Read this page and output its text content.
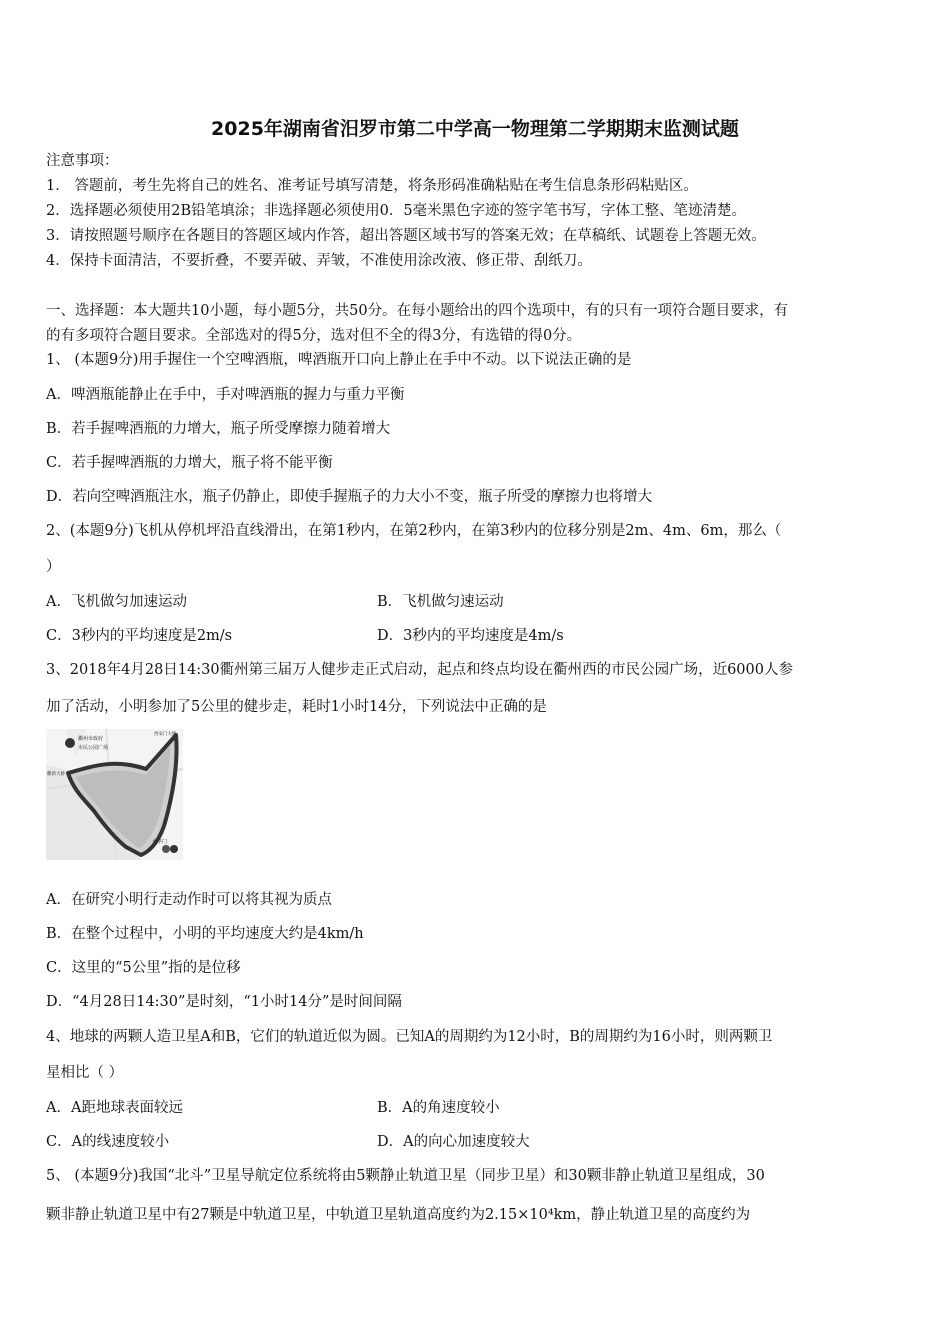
2025年湖南省汨罗市第二中学高一物理第二学期期末监测试题
注意事项：
1． 答题前，考生先将自己的姓名、准考证号填写清楚，将条形码准确粘贴在考生信息条形码粘贴区。
2．选择题必须使用2B铅笔填涂；非选择题必须使用0．5毫米黑色字迹的签字笔书写，字体工整、笔迹清楚。
3．请按照题号顺序在各题目的答题区域内作答，超出答题区域书写的答案无效；在草稿纸、试题卷上答题无效。
4．保持卡面清洁，不要折叠，不要弄破、弄皱，不准使用涂改液、修正带、刮纸刀。
一、选择题：本大题共10小题，每小题5分，共50分。在每小题给出的四个选项中，有的只有一项符合题目要求，有
的有多项符合题目要求。全部选对的得5分，选对但不全的得3分，有选错的得0分。
1、 (本题9分)用手握住一个空啤酒瓶，啤酒瓶开口向上静止在手中不动。以下说法正确的是
A．啤酒瓶能静止在手中，手对啤酒瓶的握力与重力平衡
B．若手握啤酒瓶的力增大，瓶子所受摩擦力随着增大
C．若手握啤酒瓶的力增大，瓶子将不能平衡
D．若向空啤酒瓶注水，瓶子仍静止，即使手握瓶子的力大小不变，瓶子所受的摩擦力也将增大
2、(本题9分)飞机从停机坪沿直线滑出，在第1秒内，在第2秒内，在第3秒内的位移分别是2m、4m、6m，那么（
）
A．飞机做匀加速运动	B．飞机做匀速运动
C．3秒内的平均速度是2m/s	D．3秒内的平均速度是4m/s
3、2018年4月28日14:30衢州第三届万人健步走正式启动，起点和终点均设在衢州西的市民公园广场，近6000人参
加了活动，小明参加了5公里的健步走，耗时1小时14分，下列说法中正确的是
衢州市政府
市民公园广场
西安门大桥
衢新大桥
水亭门
A．在研究小明行走动作时可以将其视为质点
B．在整个过程中，小明的平均速度大约是4km/h
C．这里的“5公里”指的是位移
D．“4月28日14:30”是时刻，“1小时14分”是时间间隔
4、地球的两颗人造卫星A和B，它们的轨道近似为圆。已知A的周期约为12小时，B的周期约为16小时，则两颗卫
星相比（ ）
A．A距地球表面较远	B．A的角速度较小
C．A的线速度较小	D．A的向心加速度较大
5、 (本题9分)我国“北斗”卫星导航定位系统将由5颗静止轨道卫星（同步卫星）和30颗非静止轨道卫星组成，30
颗非静止轨道卫星中有27颗是中轨道卫星，中轨道卫星轨道高度约为2.15×10⁴km，静止轨道卫星的高度约为
